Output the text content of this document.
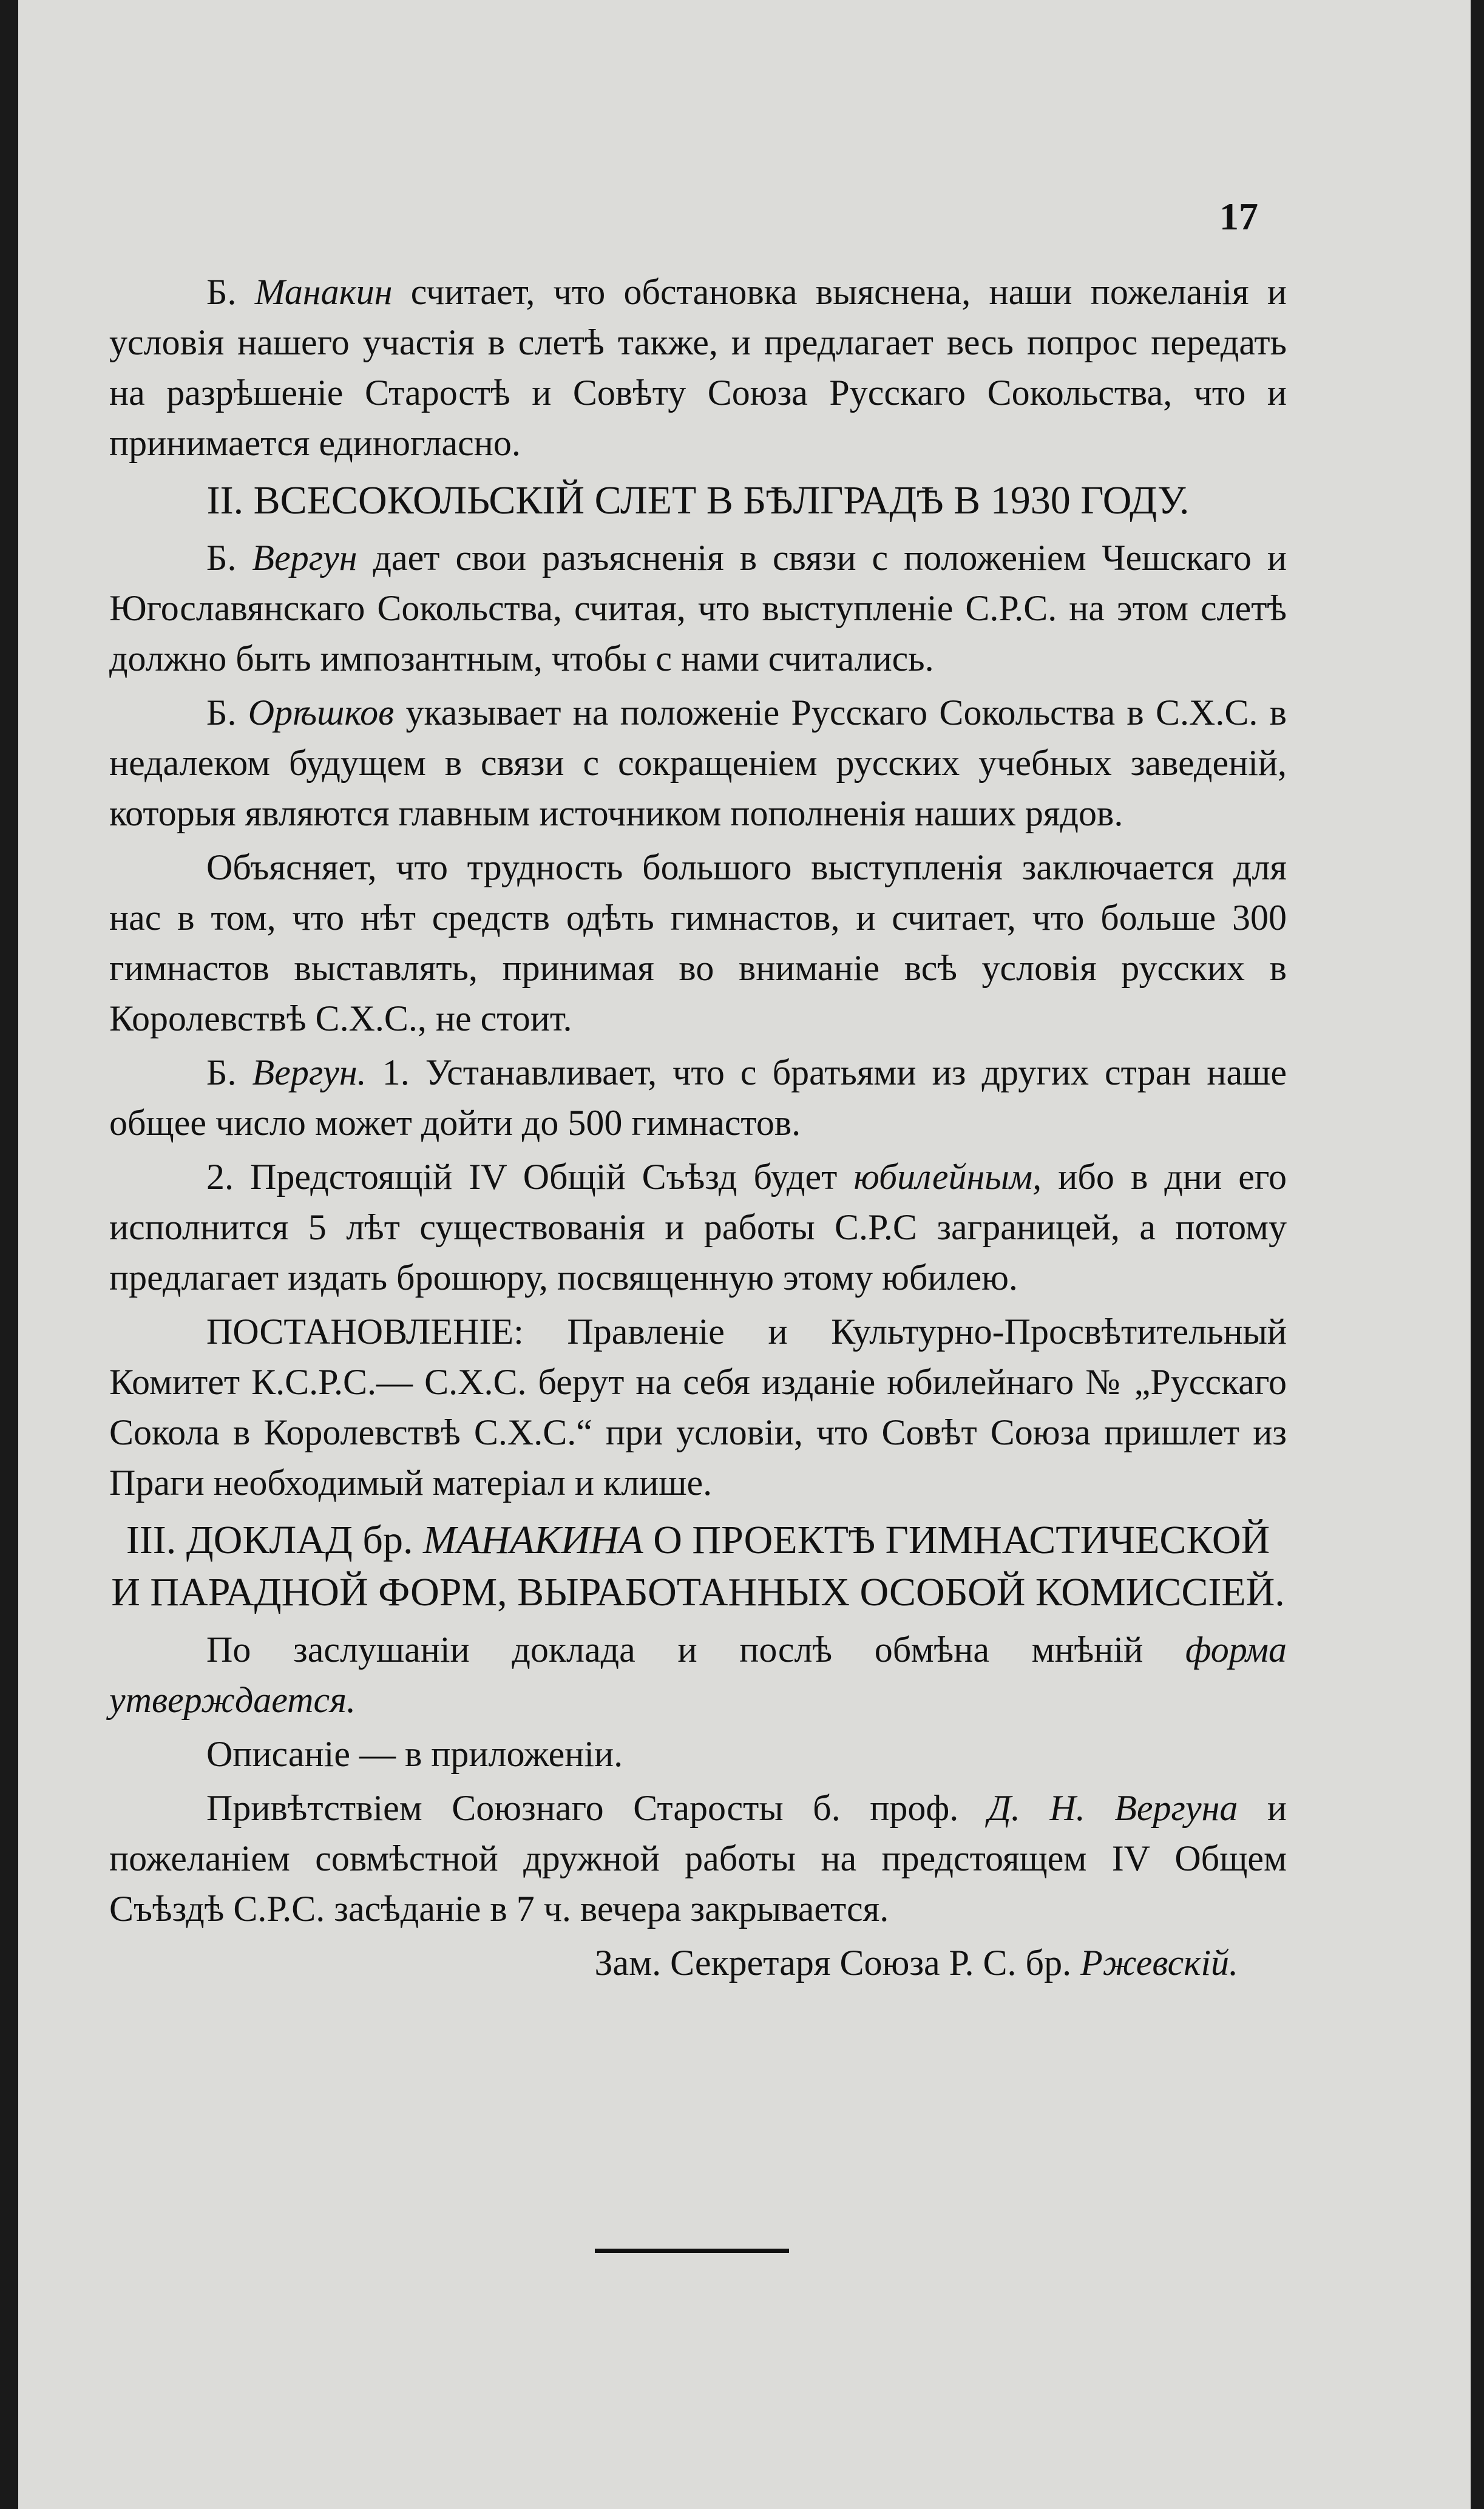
17

Б. Манакин считает, что обстановка выяснена, наши пожеланія и условія нашего участія в слетѣ также, и предлагает весь попрос передать на разрѣшеніе Старостѣ и Совѣту Союза Русскаго Сокольства, что и принимается единогласно.

II. ВСЕСОКОЛЬСКІЙ СЛЕТ В БѢЛГРАДѢ В 1930 ГОДУ.

Б. Вергун дает свои разъясненія в связи с положеніем Чешскаго и Югославянскаго Сокольства, считая, что выступленіе С.Р.С. на этом слетѣ должно быть импозантным, чтобы с нами считались.

Б. Орѣшков указывает на положеніе Русскаго Сокольства в С.Х.С. в недалеком будущем в связи с сокращеніем русских учебных заведеній, которыя являются главным источником пополненія наших рядов.

Объясняет, что трудность большого выступленія заключается для нас в том, что нѣт средств одѣть гимнастов, и считает, что больше 300 гимнастов выставлять, принимая во вниманіе всѣ условія русских в Королевствѣ С.Х.С., не стоит.

Б. Вергун. 1. Устанавливает, что с братьями из других стран наше общее число может дойти до 500 гимнастов.

2. Предстоящій IV Общій Съѣзд будет юбилейным, ибо в дни его исполнится 5 лѣт существованія и работы С.Р.С заграницей, а потому предлагает издать брошюру, посвященную этому юбилею.

ПОСТАНОВЛЕНІЕ: Правленіе и Культурно-Просвѣтительный Комитет К.С.Р.С.— С.Х.С. берут на себя изданіе юбилейнаго № „Русскаго Сокола в Королевствѣ С.Х.С.“ при условіи, что Совѣт Союза пришлет из Праги необходимый матеріал и клише.

III. ДОКЛАД бр. МАНАКИНА О ПРОЕКТѢ ГИМНАСТИЧЕСКОЙ И ПАРАДНОЙ ФОРМ, ВЫРАБОТАННЫХ ОСОБОЙ КОМИССІЕЙ.

По заслушаніи доклада и послѣ обмѣна мнѣній форма утверждается.

Описаніе — в приложеніи.

Привѣтствіем Союзнаго Старосты б. проф. Д. Н. Вергуна и пожеланіем совмѣстной дружной работы на предстоящем IV Общем Съѣздѣ С.Р.С. засѣданіе в 7 ч. вечера закрывается.

Зам. Секретаря Союза Р. С. бр. Ржевскій.
